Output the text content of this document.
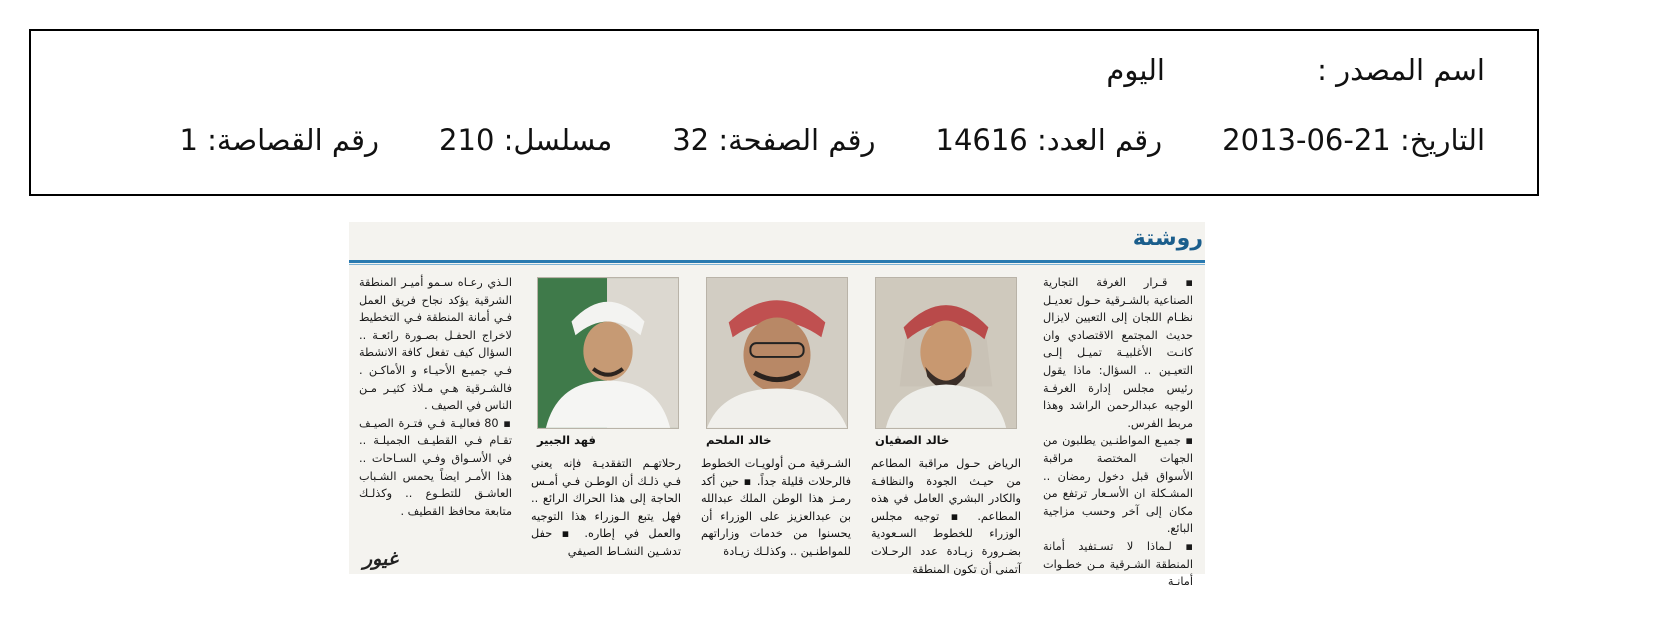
اسم المصدر :
اليوم
التاريخ: 21-06-2013
رقم العدد: 14616
رقم الصفحة: 32
مسلسل: 210
رقم القصاصة: 1
روشتة

▪ قـرار الغرفة التجارية الصناعية بالشـرقية حـول تعديـل نظـام اللجان إلى التعيين لايزال حديث المجتمع الاقتصادي وان كانـت الأغلبيـة تميـل إلـى التعيـين .. السؤال: ماذا يقول رئيس مجلس إدارة الغرفـة الوجيه عبدالرحمن الراشد وهذا مربط الفرس.

▪ جميـع المواطنـين يطلبون من الجهات المختصة مراقبة الأسواق قبل دخول رمضان .. المشـكلة ان الأسـعار ترتفع من مكان إلى آخر وحسب مزاجية البائع.

▪ لـماذا لا تسـتفيد أمانة المنطقة الشـرقية مـن خطـوات أمانـة

خالد الصفيان
خالد الملحم
فهد الجبير
الرياض حـول مراقبة المطاعم من حيـث الجودة والنظافـة والكادر البشري العامل في هذه المطاعم. ▪ توجيه مجلس الوزراء للخطوط السـعودية بضـرورة زيـادة عدد الرحـلات آتمنى أن تكون المنطقة
الشـرقية مـن أولويـات الخطوط فالرحلات قليلة جداً. ▪ حين أكد رمـز هذا الوطن الملك عبدالله بن عبدالعزيز على الوزراء أن يحسنوا من خدمات وزاراتهم للمواطنـين .. وكذلـك زيـادة
رحلاتهـم التفقديـة فإنه يعني فـي ذلـك أن الوطـن فـي أمـس الحاجة إلى هذا الحراك الرائع .. فهل يتبع الـوزراء هذا التوجيه والعمل في إطاره. ▪ حفل تدشـين النشـاط الصيفي

الـذي رعـاه سـمو أميـر المنطقة الشرقية يؤكد نجاح فريق العمل فـي أمانة المنطقة فـي التخطيط لاخراج الحفـل بصـورة رائعـة .. السؤال كيف تفعل كافة الانشطة فـي جميـع الأحيـاء و الأماكـن . فالشـرقية هـي مـلاذ كثيـر مـن الناس في الصيف .

▪ 80 فعاليـة فـي فتـرة الصيـف تقـام فـي القطيـف الجميلـة .. في الأسـواق وفـي السـاحات .. هذا الأمـر ايضاً يحمس الشـباب العاشـق للتطـوع .. وكذلـك متابعة محافظ القطيف .

غيور
